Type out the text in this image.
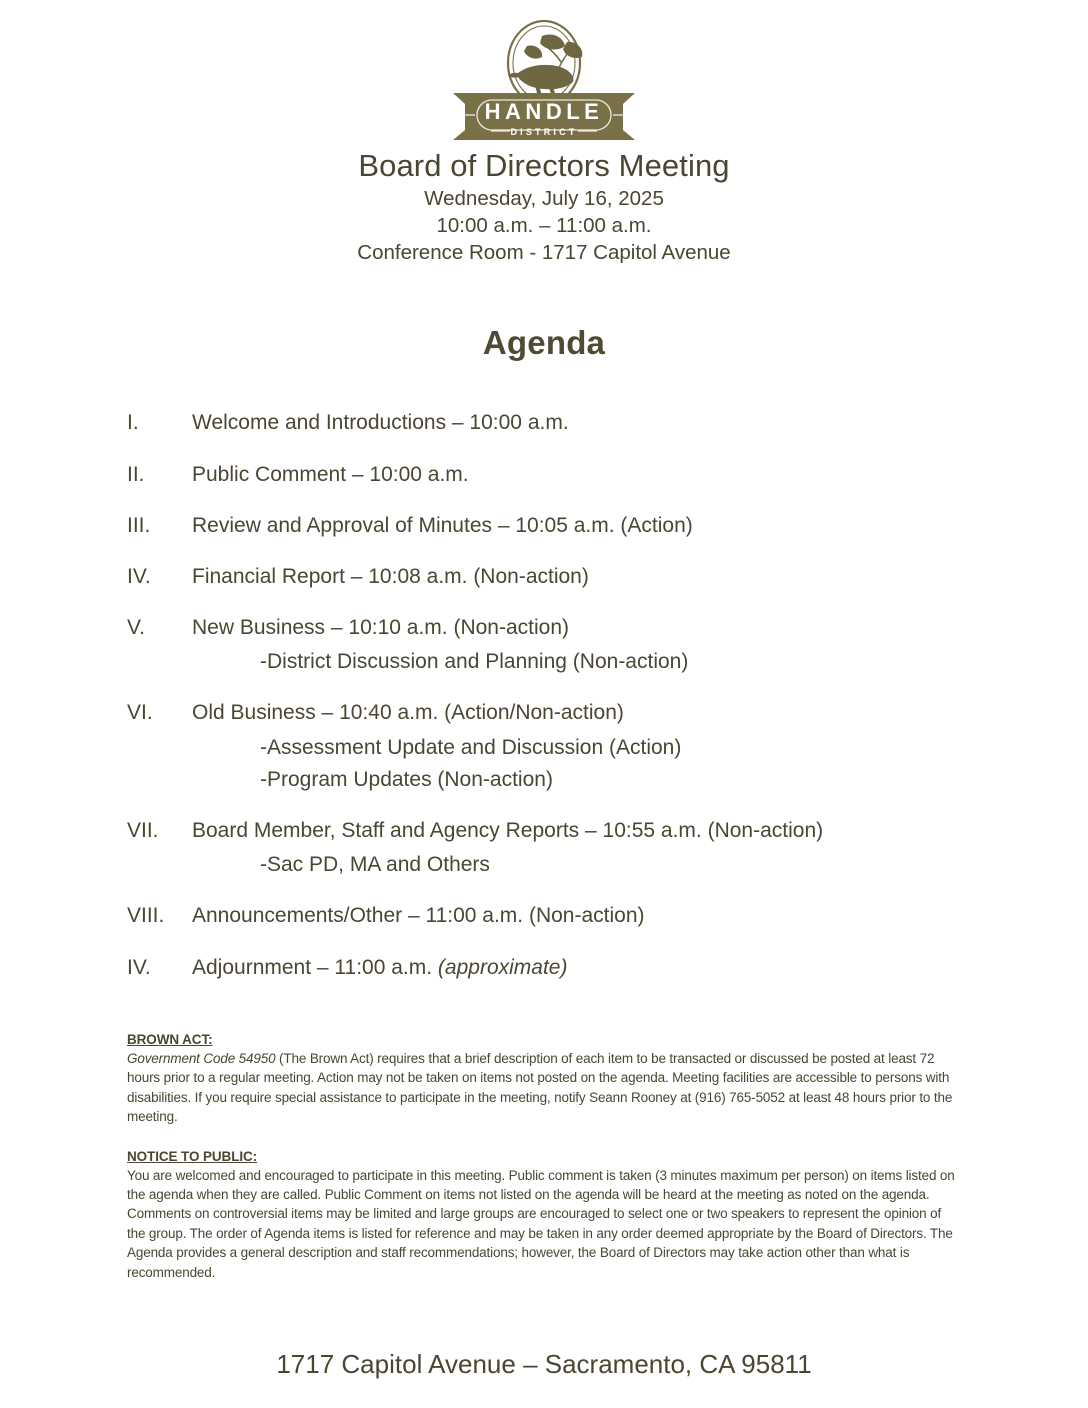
HANDLE
DISTRICT
Board of Directors Meeting
Wednesday, July 16, 2025
10:00 a.m. – 11:00 a.m.
Conference Room - 1717 Capitol Avenue
Agenda
I.	Welcome and Introductions – 10:00 a.m.
II.	Public Comment – 10:00 a.m.
III.	Review and Approval of Minutes – 10:05 a.m. (Action)
IV.	Financial Report – 10:08 a.m. (Non-action)
V.	New Business – 10:10 a.m. (Non-action)
-District Discussion and Planning (Non-action)
VI.	Old Business – 10:40 a.m. (Action/Non-action)
-Assessment Update and Discussion (Action)
-Program Updates (Non-action)
VII.	Board Member, Staff and Agency Reports – 10:55 a.m. (Non-action)
-Sac PD, MA and Others
VIII.	Announcements/Other – 11:00 a.m. (Non-action)
IV.	Adjournment – 11:00 a.m. (approximate)
BROWN ACT:
Government Code 54950 (The Brown Act) requires that a brief description of each item to be transacted or discussed be posted at least 72 hours prior to a regular meeting. Action may not be taken on items not posted on the agenda. Meeting facilities are accessible to persons with disabilities. If you require special assistance to participate in the meeting, notify Seann Rooney at (916) 765-5052 at least 48 hours prior to the meeting.
NOTICE TO PUBLIC:
You are welcomed and encouraged to participate in this meeting. Public comment is taken (3 minutes maximum per person) on items listed on the agenda when they are called. Public Comment on items not listed on the agenda will be heard at the meeting as noted on the agenda. Comments on controversial items may be limited and large groups are encouraged to select one or two speakers to represent the opinion of the group. The order of Agenda items is listed for reference and may be taken in any order deemed appropriate by the Board of Directors. The Agenda provides a general description and staff recommendations; however, the Board of Directors may take action other than what is recommended.
1717 Capitol Avenue – Sacramento, CA 95811
